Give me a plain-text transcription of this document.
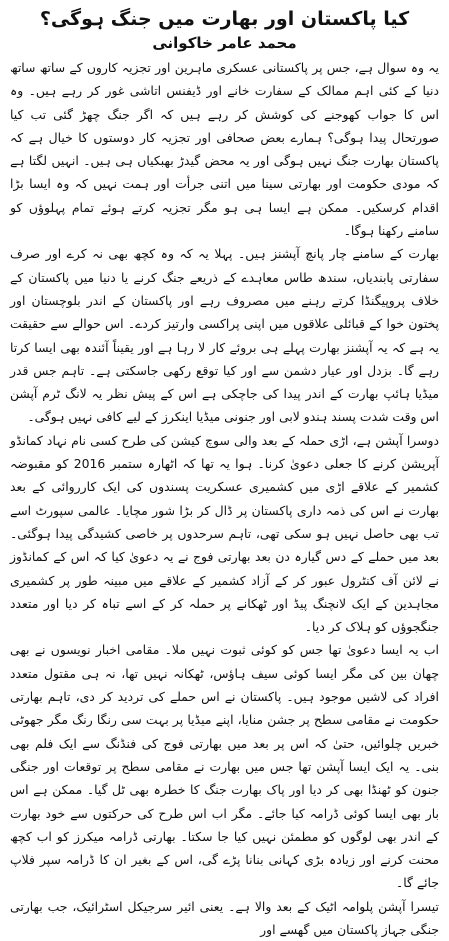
کیا پاکستان اور بھارت میں جنگ ہوگی؟
محمد عامر خاکوانی

یہ وہ سوال ہے، جس پر پاکستانی عسکری ماہرین اور تجزیہ کاروں کے ساتھ ساتھ دنیا کے کئی اہم ممالک کے سفارت خانے اور ڈیفنس اتاشی غور کر رہے ہیں۔ وہ اس کا جواب کھوجنے کی کوشش کر رہے ہیں کہ اگر جنگ چھڑ گئی تب کیا صورتحال پیدا ہوگی؟ ہمارے بعض صحافی اور تجزیہ کار دوستوں کا خیال ہے کہ پاکستان بھارت جنگ نہیں ہوگی اور یہ محض گیدڑ بھبکیاں ہی ہیں۔ انہیں لگتا ہے کہ مودی حکومت اور بھارتی سینا میں اتنی جرأت اور ہمت نہیں کہ وہ ایسا بڑا اقدام کرسکیں۔ ممکن ہے ایسا ہی ہو مگر تجزیہ کرتے ہوئے تمام پہلوؤں کو سامنے رکھنا ہوگا۔

بھارت کے سامنے چار پانچ آپشنز ہیں۔ پہلا یہ کہ وہ کچھ بھی نہ کرے اور صرف سفارتی پابندیاں، سندھ طاس معاہدے کے ذریعے جنگ کرنے یا دنیا میں پاکستان کے خلاف پروپیگنڈا کرتے رہنے میں مصروف رہے اور پاکستان کے اندر بلوچستان اور پختون خوا کے قبائلی علاقوں میں اپنی پراکسی وارتیز کردے۔ اس حوالے سے حقیقت یہ ہے کہ یہ آپشنز بھارت پہلے ہی بروئے کار لا رہا ہے اور یقیناً آئندہ بھی ایسا کرتا رہے گا۔ بزدل اور عیار دشمن سے اور کیا توقع رکھی جاسکتی ہے۔ تاہم جس قدر میڈیا ہائپ بھارت کے اندر پیدا کی جاچکی ہے اس کے پیش نظر یہ لانگ ٹرم آپشن اس وقت شدت پسند ہندو لابی اور جنونی میڈیا اینکرز کے لیے کافی نہیں ہوگی۔

دوسرا آپشن ہے، اڑی حملہ کے بعد والی سوچ کیشن کی طرح کسی نام نہاد کمانڈو آپریشن کرنے کا جعلی دعویٰ کرنا۔ ہوا یہ تھا کہ اٹھارہ ستمبر 2016 کو مقبوضہ کشمیر کے علاقے اڑی میں کشمیری عسکریت پسندوں کی ایک کارروائی کے بعد بھارت نے اس کی ذمہ داری پاکستان پر ڈال کر بڑا شور مچایا۔ عالمی سپورٹ اسے تب بھی حاصل نہیں ہو سکی تھی، تاہم سرحدوں پر خاصی کشیدگی پیدا ہوگئی۔ بعد میں حملے کے دس گیارہ دن بعد بھارتی فوج نے یہ دعویٰ کیا کہ اس کے کمانڈوز نے لائن آف کنٹرول عبور کر کے آزاد کشمیر کے علاقے میں مبینہ طور پر کشمیری مجاہدین کے ایک لانچنگ پیڈ اور ٹھکانے پر حملہ کر کے اسے تباہ کر دیا اور متعدد جنگجوؤں کو ہلاک کر دیا۔

اب یہ ایسا دعویٰ تھا جس کو کوئی ثبوت نہیں ملا۔ مقامی اخبار نویسوں نے بھی چھان بین کی مگر ایسا کوئی سیف ہاؤس، ٹھکانہ نہیں تھا، نہ ہی مقتول متعدد افراد کی لاشیں موجود ہیں۔ پاکستان نے اس حملے کی تردید کر دی، تاہم بھارتی حکومت نے مقامی سطح پر جشن منایا، اپنے میڈیا پر بہت سی رنگا رنگ مگر جھوٹی خبریں چلوائیں، حتیٰ کہ اس پر بعد میں بھارتی فوج کی فنڈنگ سے ایک فلم بھی بنی۔ یہ ایک ایسا آپشن تھا جس میں بھارت نے مقامی سطح پر توقعات اور جنگی جنون کو ٹھنڈا بھی کر دیا اور پاک بھارت جنگ کا خطرہ بھی ٹل گیا۔ ممکن ہے اس بار بھی ایسا کوئی ڈرامہ کیا جائے۔ مگر اب اس طرح کی حرکتوں سے خود بھارت کے اندر بھی لوگوں کو مطمئن نہیں کیا جا سکتا۔ بھارتی ڈرامہ میکرز کو اب کچھ محنت کرنے اور زیادہ بڑی کہانی بنانا پڑے گی، اس کے بغیر ان کا ڈرامہ سپر فلاپ جائے گا۔

تیسرا آپشن پلوامہ اٹیک کے بعد والا ہے۔ یعنی ائیر سرجیکل اسٹرائیک، جب بھارتی جنگی جہاز پاکستان میں گھسے اور
